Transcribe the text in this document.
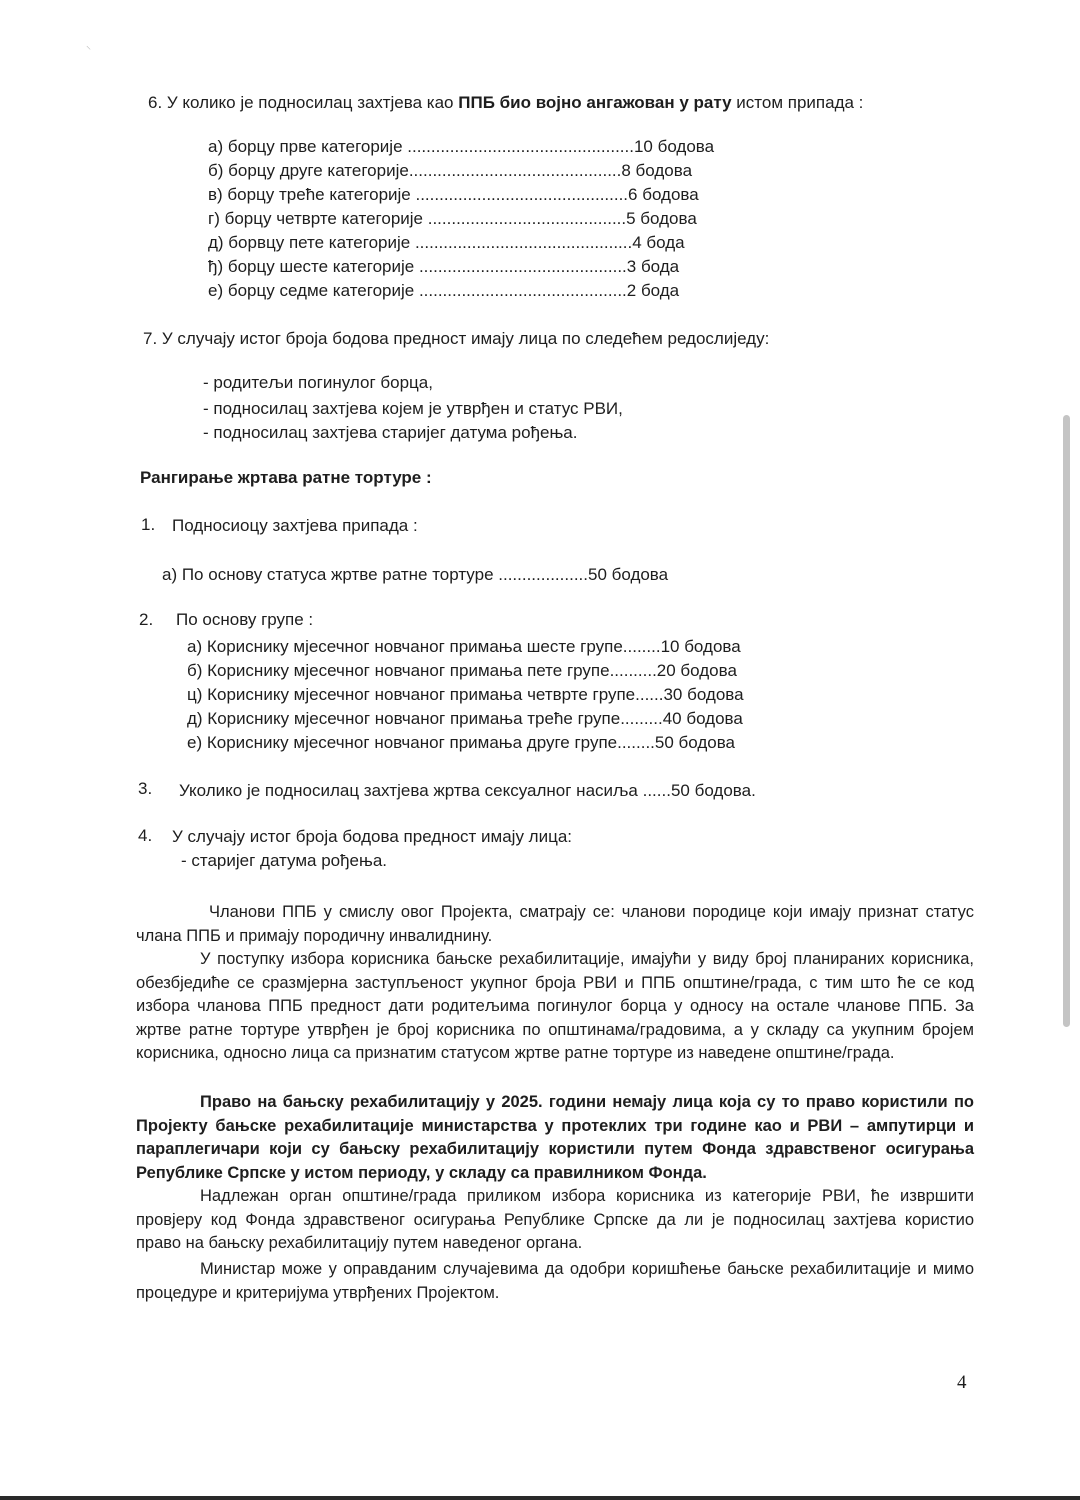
⸌
6. У колико је подносилац захтјева као ППБ био војно ангажован у рату истом припада :
а) борцу прве категорије ................................................10 бодова
б) борцу друге категорије.............................................8 бодова
в) борцу треће категорије .............................................6 бодова
г) борцу четврте категорије ..........................................5 бодова
д) борвцу пете категорије ..............................................4 бода
ђ) борцу шесте категорије ............................................3 бода
е) борцу седме категорије ............................................2 бода
7. У случају истог броја бодова предност имају лица по следећем редослиједу:
- родитељи погинулог борца,
- подносилац захтјева којем је утврђен и статус РВИ,
- подносилац захтјева старијег датума рођења.
Рангирање жртава ратне тортуре :
1. Подносиоцу захтјева припада :
а) По основу статуса жртве ратне тортуре ...................50 бодова
2. По основу групе :
а) Кориснику мјесечног новчаног примања шесте групе........10 бодова
б) Кориснику мјесечног новчаног примања пете групе..........20 бодова
ц) Кориснику мјесечног новчаног примања четврте групе......30 бодова
д) Кориснику мјесечног новчаног примања треће групе.........40 бодова
е) Кориснику мјесечног новчаног примања друге групе........50 бодова
3. Уколико је подносилац захтјева жртва сексуалног насиља ......50 бодова.
4. У случају истог броја бодова предност имају лица:
- старијег датума рођења.
Чланови ППБ у смислу овог Пројекта, сматрају се: чланови породице који имају признат статус члана ППБ и примају породичну инвалиднину.
У поступку избора корисника бањске рехабилитације, имајући у виду број планираних корисника, обезбједиће се сразмјерна заступљеност укупног броја РВИ и ППБ општине/града, с тим што ће се код избора чланова ППБ предност дати родитељима погинулог борца у односу на остале чланове ППБ. За жртве ратне тортуре утврђен је број корисника по општинама/градовима, а у складу са укупним бројем корисника, односно лица са признатим статусом жртве ратне тортуре из наведене општине/града.
Право на бањску рехабилитацију у 2025. години немају лица која су то право користили по Пројекту бањске рехабилитације министарства у протеклих три године као и РВИ – ампутирци и параплегичари који су бањску рехабилитацију користили путем Фонда здравственог осигурања Републике Српске у истом периоду, у складу са правилником Фонда.
Надлежан орган општине/града приликом избора корисника из категорије РВИ, ће извршити провјеру код Фонда здравственог осигурања Републике Српске да ли је подносилац захтјева користио право на бањску рехабилитацију путем наведеног органа.
Министар може у оправданим случајевима да одобри коришћење бањске рехабилитације и мимо процедуре и критеријума утврђених Пројектом.
4
